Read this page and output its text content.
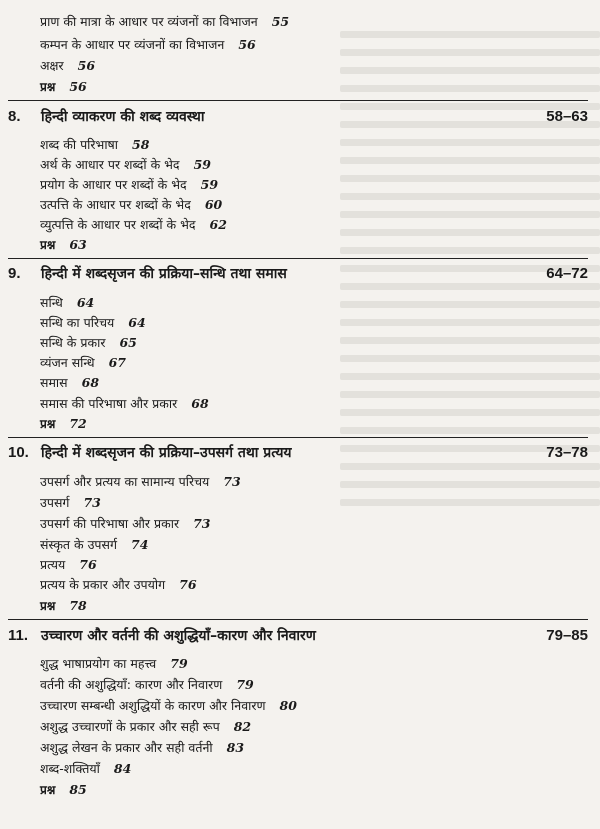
प्राण की मात्रा के आधार पर व्यंजनों का विभाजन 55
कम्पन के आधार पर व्यंजनों का विभाजन 56
अक्षर 56
प्रश्न 56
8. हिन्दी व्याकरण की शब्द व्यवस्था	58–63
शब्द की परिभाषा 58
अर्थ के आधार पर शब्दों के भेद 59
प्रयोग के आधार पर शब्दों के भेद 59
उत्पत्ति के आधार पर शब्दों के भेद 60
व्युत्पत्ति के आधार पर शब्दों के भेद 62
प्रश्न 63
9. हिन्दी में शब्दसृजन की प्रक्रिया–सन्धि तथा समास	64–72
सन्धि 64
सन्धि का परिचय 64
सन्धि के प्रकार 65
व्यंजन सन्धि 67
समास 68
समास की परिभाषा और प्रकार 68
प्रश्न 72
10. हिन्दी में शब्दसृजन की प्रक्रिया–उपसर्ग तथा प्रत्यय	73–78
उपसर्ग और प्रत्यय का सामान्य परिचय 73
उपसर्ग 73
उपसर्ग की परिभाषा और प्रकार 73
संस्कृत के उपसर्ग 74
प्रत्यय 76
प्रत्यय के प्रकार और उपयोग 76
प्रश्न 78
11. उच्चारण और वर्तनी की अशुद्धियाँ–कारण और निवारण	79–85
शुद्ध भाषाप्रयोग का महत्त्व 79
वर्तनी की अशुद्धियाँ: कारण और निवारण 79
उच्चारण सम्बन्धी अशुद्धियों के कारण और निवारण 80
अशुद्ध उच्चारणों के प्रकार और सही रूप 82
अशुद्ध लेखन के प्रकार और सही वर्तनी 83
शब्द-शक्तियाँ 84
प्रश्न 85
